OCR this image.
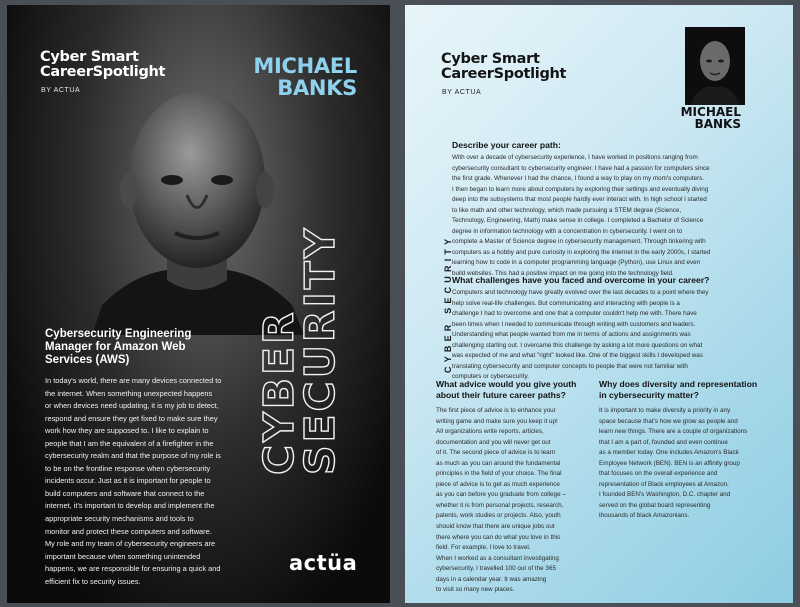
Cyber Smart
CareerSpotlight
BY ACTUA
MICHAEL
BANKS
Cybersecurity Engineering
Manager for Amazon Web
Services (AWS)
In today's world, there are many devices connected to
the internet. When something unexpected happens
or when devices need updating, it is my job to detect,
respond and ensure they get fixed to make sure they
work how they are supposed to. I like to explain to
people that I am the equivalent of a firefighter in the
cybersecurity realm and that the purpose of my role is
to be on the frontline response when cybersecurity
incidents occur. Just as it is important for people to
build computers and software that connect to the
internet, it's important to develop and implement the
appropriate security mechanisms and tools to
monitor and protect these computers and software.
My role and my team of cybersecurity engineers are
important because when something unintended
happens, we are responsible for ensuring a quick and
efficient fix to security issues.
CYBER
SECURITY
actüa
Cyber Smart
CareerSpotlight
BY ACTUA
MICHAEL
BANKS
CYBER SECURITY
Describe your career path:
With over a decade of cybersecurity experience, I have worked in positions ranging from
cybersecurity consultant to cybersecurity engineer. I have had a passion for computers since
the first grade. Whenever I had the chance, I found a way to play on my mom's computers.
I then began to learn more about computers by exploring their settings and eventually diving
deep into the subsystems that most people hardly ever interact with. In high school I started
to like math and other technology, which made pursuing a STEM degree (Science,
Technology, Engineering, Math) make sense in college. I completed a Bachelor of Science
degree in information technology with a concentration in cybersecurity. I went on to
complete a Master of Science degree in cybersecurity management. Through tinkering with
computers as a hobby and pure curiosity in exploring the internet in the early 2000s, I started
learning how to code in a computer programming language (Python), use Linux and even
build websites. This had a positive impact on me going into the technology field.
What challenges have you faced and overcome in your career?
Computers and technology have greatly evolved over the last decades to a point where they
help solve real-life challenges. But communicating and interacting with people is a
challenge I had to overcome and one that a computer couldn't help me with. There have
been times when I needed to communicate through writing with customers and leaders.
Understanding what people wanted from me in terms of actions and assignments was
challenging starting out. I overcame this challenge by asking a lot more questions on what
was expected of me and what "right" looked like. One of the biggest skills I developed was
translating cybersecurity and computer concepts to people that were not familiar with
computers or cybersecurity.
What advice would you give youth
about their future career paths?
The first piece of advice is to enhance your
writing game and make sure you keep it up!
All organizations write reports, articles,
documentation and you will never get out
of it. The second piece of advice is to learn
as much as you can around the fundamental
principles in the field of your choice. The final
piece of advice is to get as much experience
as you can before you graduate from college –
whether it is from personal projects, research,
patents, work studies or projects. Also, youth
should know that there are unique jobs out
there where you can do what you love in this
field. For example, I love to travel.
When I worked as a consultant investigating
cybersecurity, I travelled 100 out of the 365
days in a calendar year. It was amazing
to visit so many new places.
Why does diversity and representation
in cybersecurity matter?
It is important to make diversity a priority in any
space because that's how we grow as people and
learn new things. There are a couple of organizations
that I am a part of, founded and even continue
as a member today. One includes Amazon's Black
Employee Network (BEN). BEN is an affinity group
that focuses on the overall experience and
representation of Black employees at Amazon.
I founded BEN's Washington, D.C. chapter and
served on the global board representing
thousands of black Amazonians.
